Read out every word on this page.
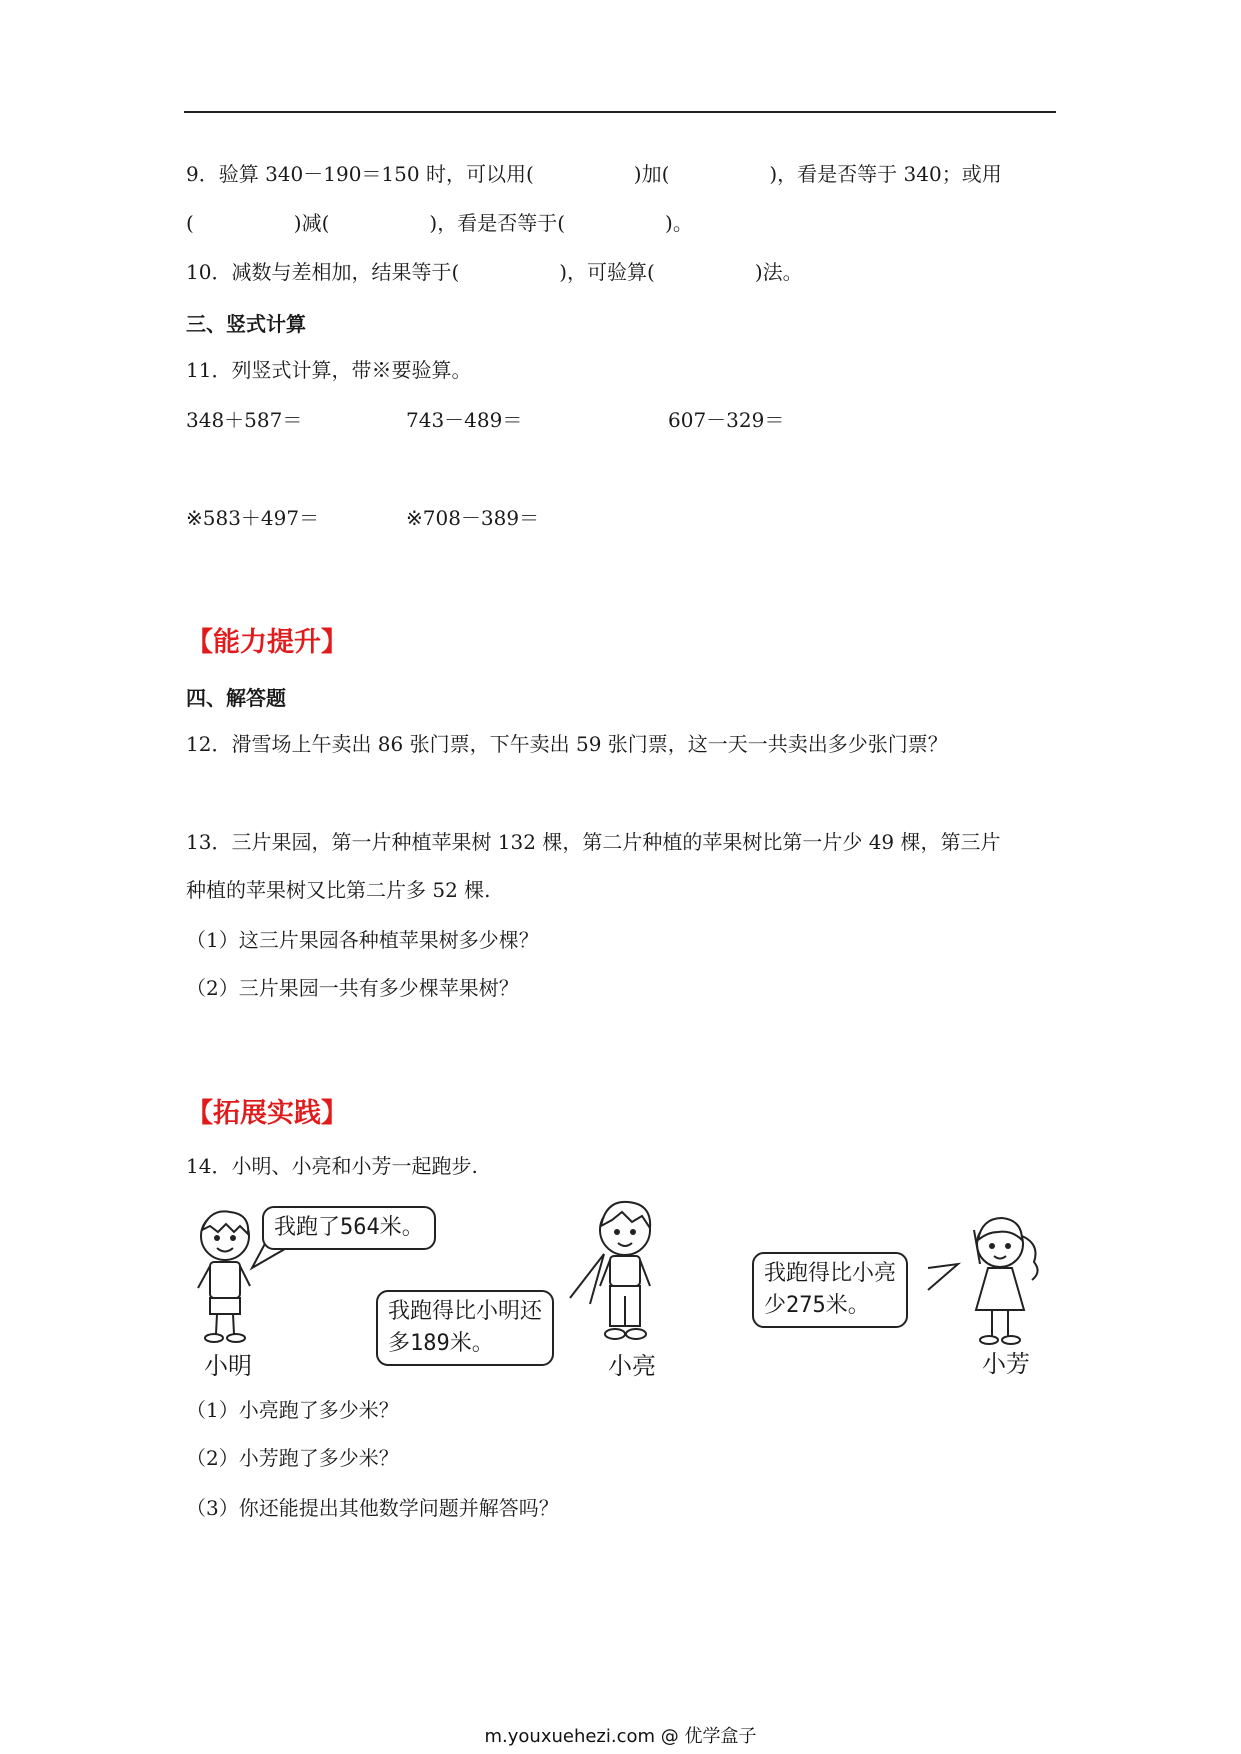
9．验算 340－190＝150 时，可以用(　　　　　)加(　　　　　)，看是否等于 340；或用
(　　　　　)减(　　　　　)，看是否等于(　　　　　)。
10．减数与差相加，结果等于(　　　　　)，可验算(　　　　　)法。
三、竖式计算
11．列竖式计算，带※要验算。
348＋587＝	743－489＝	607－329＝
※583＋497＝	※708－389＝
【能力提升】
四、解答题
12．滑雪场上午卖出 86 张门票，下午卖出 59 张门票，这一天一共卖出多少张门票？
13．三片果园，第一片种植苹果树 132 棵，第二片种植的苹果树比第一片少 49 棵，第三片
种植的苹果树又比第二片多 52 棵.
（1）这三片果园各种植苹果树多少棵？
（2）三片果园一共有多少棵苹果树？
【拓展实践】
14．小明、小亮和小芳一起跑步.
我跑了564米。
我跑得比小明还
多189米。
我跑得比小亮
少275米。
小明	小亮	小芳
（1）小亮跑了多少米？
（2）小芳跑了多少米？
（3）你还能提出其他数学问题并解答吗？
m.youxuehezi.com @ 优学盒子
